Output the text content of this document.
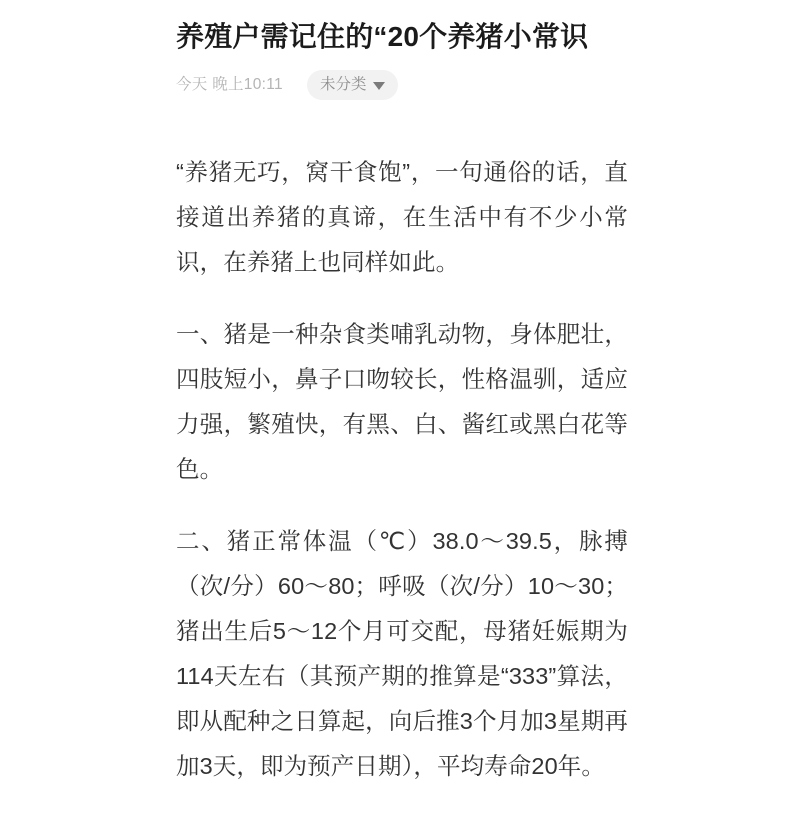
养殖户需记住的“20个养猪小常识
今天 晚上10:11 未分类

“养猪无巧，窝干食饱”，一句通俗的话，直接道出养猪的真谛，在生活中有不少小常识，在养猪上也同样如此。

一、猪是一种杂食类哺乳动物，身体肥壮，四肢短小，鼻子口吻较长，性格温驯，适应力强，繁殖快，有黑、白、酱红或黑白花等色。

二、猪正常体温（℃）38.0～39.5，脉搏（次/分）60～80；呼吸（次/分）10～30；猪出生后5～12个月可交配，母猪妊娠期为114天左右（其预产期的推算是“333”算法，即从配种之日算起，向后推3个月加3星期再加3天，即为预产日期），平均寿命20年。
